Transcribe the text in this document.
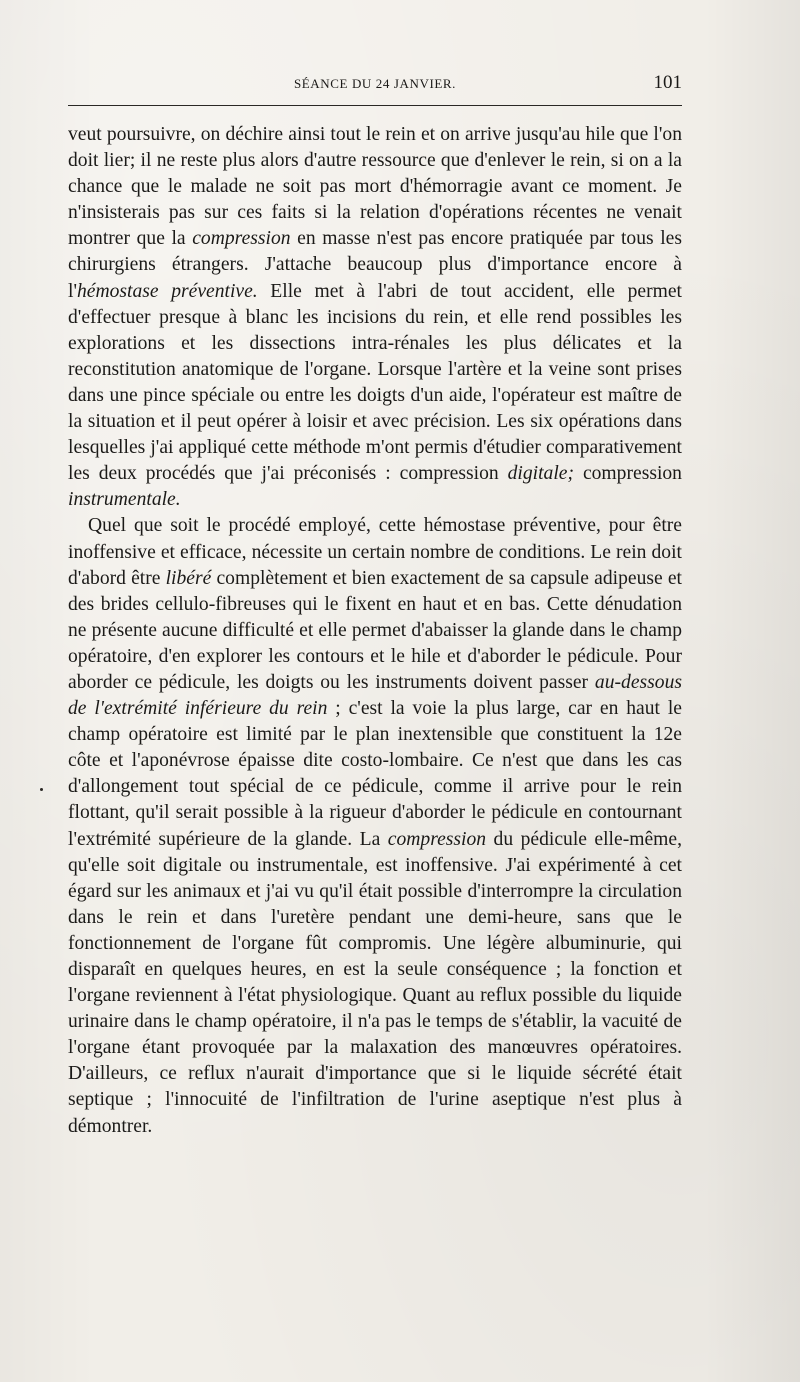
SÉANCE DU 24 JANVIER.	101

veut poursuivre, on déchire ainsi tout le rein et on arrive jusqu'au hile que l'on doit lier; il ne reste plus alors d'autre ressource que d'enlever le rein, si on a la chance que le malade ne soit pas mort d'hémorragie avant ce moment. Je n'insisterais pas sur ces faits si la relation d'opérations récentes ne venait montrer que la compression en masse n'est pas encore pratiquée par tous les chirurgiens étrangers. J'attache beaucoup plus d'importance encore à l'hémostase préventive. Elle met à l'abri de tout accident, elle permet d'effectuer presque à blanc les incisions du rein, et elle rend possibles les explorations et les dissections intra-rénales les plus délicates et la reconstitution anatomique de l'organe. Lorsque l'artère et la veine sont prises dans une pince spéciale ou entre les doigts d'un aide, l'opérateur est maître de la situation et il peut opérer à loisir et avec précision. Les six opérations dans lesquelles j'ai appliqué cette méthode m'ont permis d'étudier comparativement les deux procédés que j'ai préconisés : compression digitale; compression instrumentale.

Quel que soit le procédé employé, cette hémostase préventive, pour être inoffensive et efficace, nécessite un certain nombre de conditions. Le rein doit d'abord être libéré complètement et bien exactement de sa capsule adipeuse et des brides cellulo-fibreuses qui le fixent en haut et en bas. Cette dénudation ne présente aucune difficulté et elle permet d'abaisser la glande dans le champ opératoire, d'en explorer les contours et le hile et d'aborder le pédicule. Pour aborder ce pédicule, les doigts ou les instruments doivent passer au-dessous de l'extrémité inférieure du rein ; c'est la voie la plus large, car en haut le champ opératoire est limité par le plan inextensible que constituent la 12e côte et l'aponévrose épaisse dite costo-lombaire. Ce n'est que dans les cas d'allongement tout spécial de ce pédicule, comme il arrive pour le rein flottant, qu'il serait possible à la rigueur d'aborder le pédicule en contournant l'extrémité supérieure de la glande. La compression du pédicule elle-même, qu'elle soit digitale ou instrumentale, est inoffensive. J'ai expérimenté à cet égard sur les animaux et j'ai vu qu'il était possible d'interrompre la circulation dans le rein et dans l'uretère pendant une demi-heure, sans que le fonctionnement de l'organe fût compromis. Une légère albuminurie, qui disparaît en quelques heures, en est la seule conséquence ; la fonction et l'organe reviennent à l'état physiologique. Quant au reflux possible du liquide urinaire dans le champ opératoire, il n'a pas le temps de s'établir, la vacuité de l'organe étant provoquée par la malaxation des manœuvres opératoires. D'ailleurs, ce reflux n'aurait d'importance que si le liquide sécrété était septique ; l'innocuité de l'infiltration de l'urine aseptique n'est plus à démontrer.
